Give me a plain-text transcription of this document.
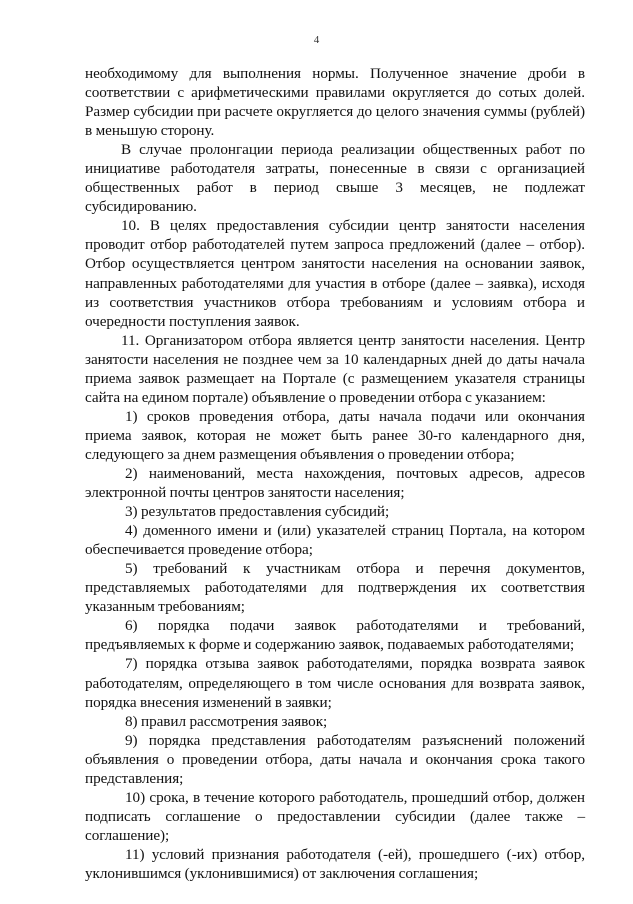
4

необходимому для выполнения нормы. Полученное значение дроби в соответствии с арифметическими правилами округляется до сотых долей. Размер субсидии при расчете округляется до целого значения суммы (рублей) в меньшую сторону.

В случае пролонгации периода реализации общественных работ по инициативе работодателя затраты, понесенные в связи с организацией общественных работ в период свыше 3 месяцев, не подлежат субсидированию.

10. В целях предоставления субсидии центр занятости населения проводит отбор работодателей путем запроса предложений (далее – отбор). Отбор осуществляется центром занятости населения на основании заявок, направленных работодателями для участия в отборе (далее – заявка), исходя из соответствия участников отбора требованиям и условиям отбора и очередности поступления заявок.

11. Организатором отбора является центр занятости населения. Центр занятости населения не позднее чем за 10 календарных дней до даты начала приема заявок размещает на Портале (с размещением указателя страницы сайта на едином портале) объявление о проведении отбора с указанием:

1) сроков проведения отбора, даты начала подачи или окончания приема заявок, которая не может быть ранее 30-го календарного дня, следующего за днем размещения объявления о проведении отбора;

2) наименований, места нахождения, почтовых адресов, адресов электронной почты центров занятости населения;

3) результатов предоставления субсидий;

4) доменного имени и (или) указателей страниц Портала, на котором обеспечивается проведение отбора;

5) требований к участникам отбора и перечня документов, представляемых работодателями для подтверждения их соответствия указанным требованиям;

6) порядка подачи заявок работодателями и требований, предъявляемых к форме и содержанию заявок, подаваемых работодателями;

7) порядка отзыва заявок работодателями, порядка возврата заявок работодателям, определяющего в том числе основания для возврата заявок, порядка внесения изменений в заявки;

8) правил рассмотрения заявок;

9) порядка представления работодателям разъяснений положений объявления о проведении отбора, даты начала и окончания срока такого представления;

10) срока, в течение которого работодатель, прошедший отбор, должен подписать соглашение о предоставлении субсидии (далее также – соглашение);

11) условий признания работодателя (-ей), прошедшего (-их) отбор, уклонившимся (уклонившимися) от заключения соглашения;
